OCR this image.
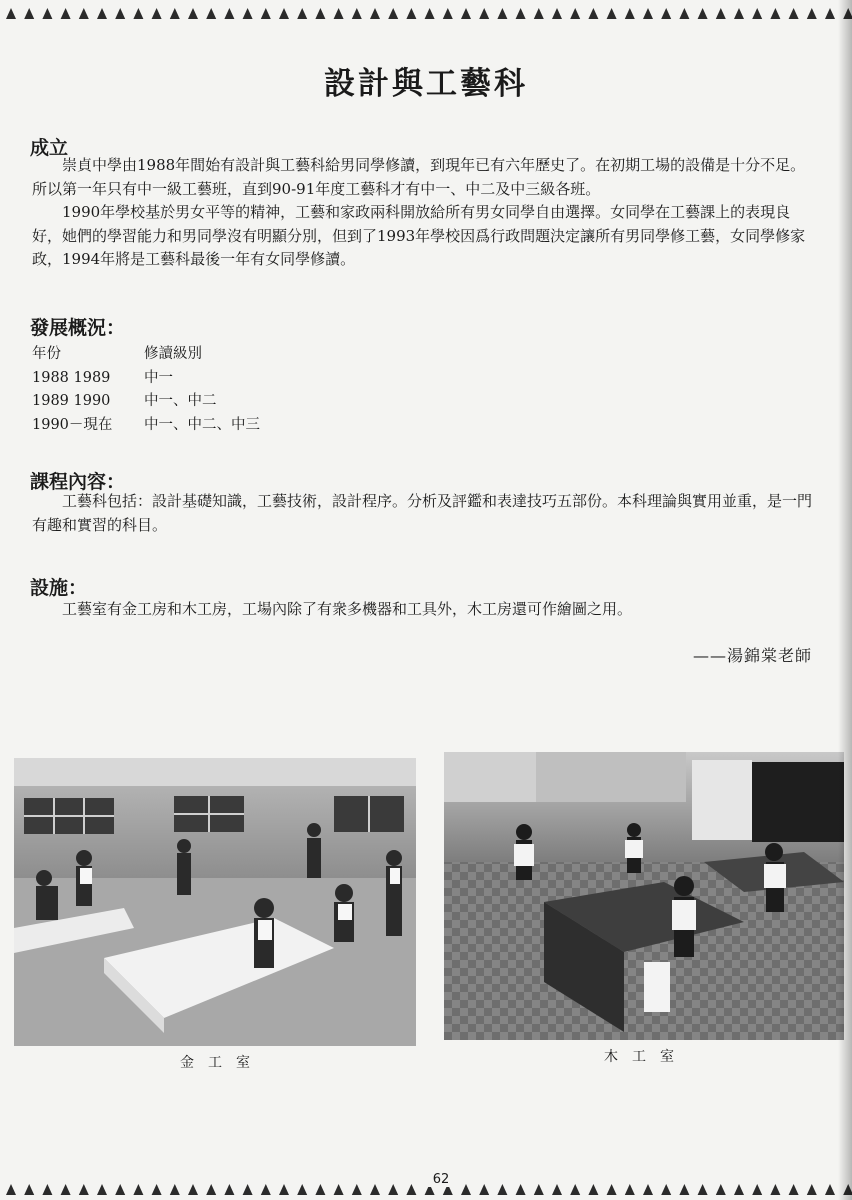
設計與工藝科
成立

崇貞中學由1988年間始有設計與工藝科給男同學修讀，到現年已有六年歷史了。在初期工場的設備是十分不足。所以第一年只有中一級工藝班，直到90-91年度工藝科才有中一、中二及中三級各班。

1990年學校基於男女平等的精神，工藝和家政兩科開放給所有男女同學自由選擇。女同學在工藝課上的表現良好，她們的學習能力和男同學沒有明顯分別，但到了1993年學校因爲行政問題決定讓所有男同學修工藝，女同學修家政，1994年將是工藝科最後一年有女同學修讀。

發展概況：
年份	修讀級別
1988 1989	中一
1989 1990	中一、中二
1990－現在	中一、中二、中三
課程內容：

工藝科包括：設計基礎知識，工藝技術，設計程序。分析及評鑑和表達技巧五部份。本科理論與實用並重，是一門有趣和實習的科目。

設施：

工藝室有金工房和木工房，工場內除了有衆多機器和工具外，木工房還可作繪圖之用。

——湯錦棠老師
金工室	木工室
62
